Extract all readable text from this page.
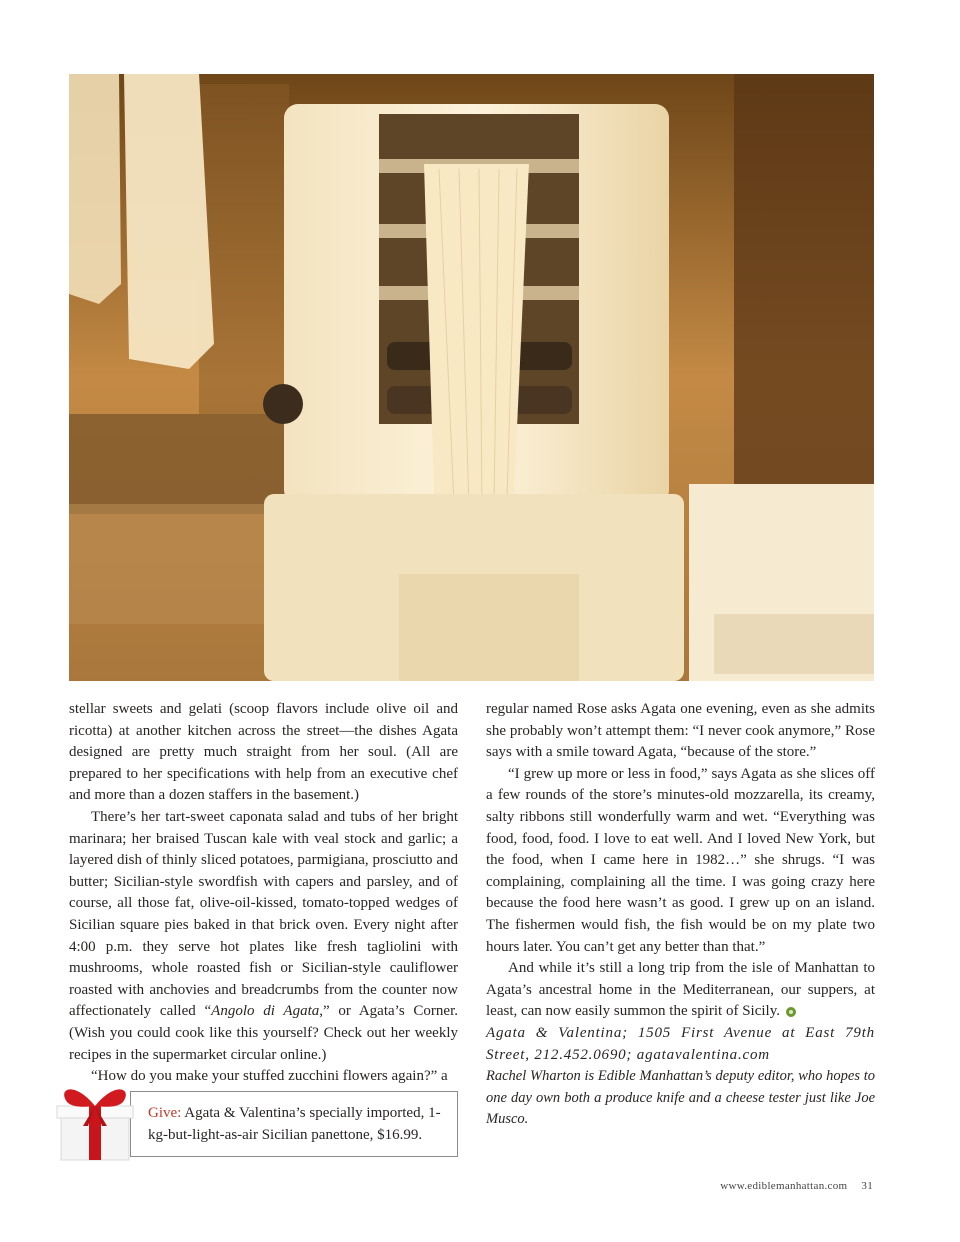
stellar sweets and gelati (scoop flavors include olive oil and ricotta) at another kitchen across the street—the dishes Agata designed are pretty much straight from her soul. (All are prepared to her specifications with help from an executive chef and more than a dozen staffers in the basement.)

There’s her tart-sweet caponata salad and tubs of her bright marinara; her braised Tuscan kale with veal stock and garlic; a layered dish of thinly sliced potatoes, parmigiana, prosciutto and butter; Sicilian-style swordfish with capers and parsley, and of course, all those fat, olive-oil-kissed, tomato-topped wedges of Sicilian square pies baked in that brick oven. Every night after 4:00 p.m. they serve hot plates like fresh tagliolini with mushrooms, whole roasted fish or Sicilian-style cauliflower roasted with anchovies and breadcrumbs from the counter now affectionately called “Angolo di Agata,” or Agata’s Corner. (Wish you could cook like this yourself? Check out her weekly recipes in the supermarket circular online.)

“How do you make your stuffed zucchini flowers again?” a

regular named Rose asks Agata one evening, even as she admits she probably won’t attempt them: “I never cook anymore,” Rose says with a smile toward Agata, “because of the store.”

“I grew up more or less in food,” says Agata as she slices off a few rounds of the store’s minutes-old mozzarella, its creamy, salty ribbons still wonderfully warm and wet. “Everything was food, food, food. I love to eat well. And I loved New York, but the food, when I came here in 1982…” she shrugs. “I was complaining, complaining all the time. I was going crazy here because the food here wasn’t as good. I grew up on an island. The fishermen would fish, the fish would be on my plate two hours later. You can’t get any better than that.”

And while it’s still a long trip from the isle of Manhattan to Agata’s ancestral home in the Mediterranean, our suppers, at least, can now easily summon the spirit of Sicily.

Agata & Valentina; 1505 First Avenue at East 79th Street, 212.452.0690; agatavalentina.com

Rachel Wharton is Edible Manhattan’s deputy editor, who hopes to one day own both a produce knife and a cheese tester just like Joe Musco.

Give: Agata & Valentina’s specially imported, 1-kg-but-light-as-air Sicilian panettone, $16.99.
www.ediblemanhattan.com 31
